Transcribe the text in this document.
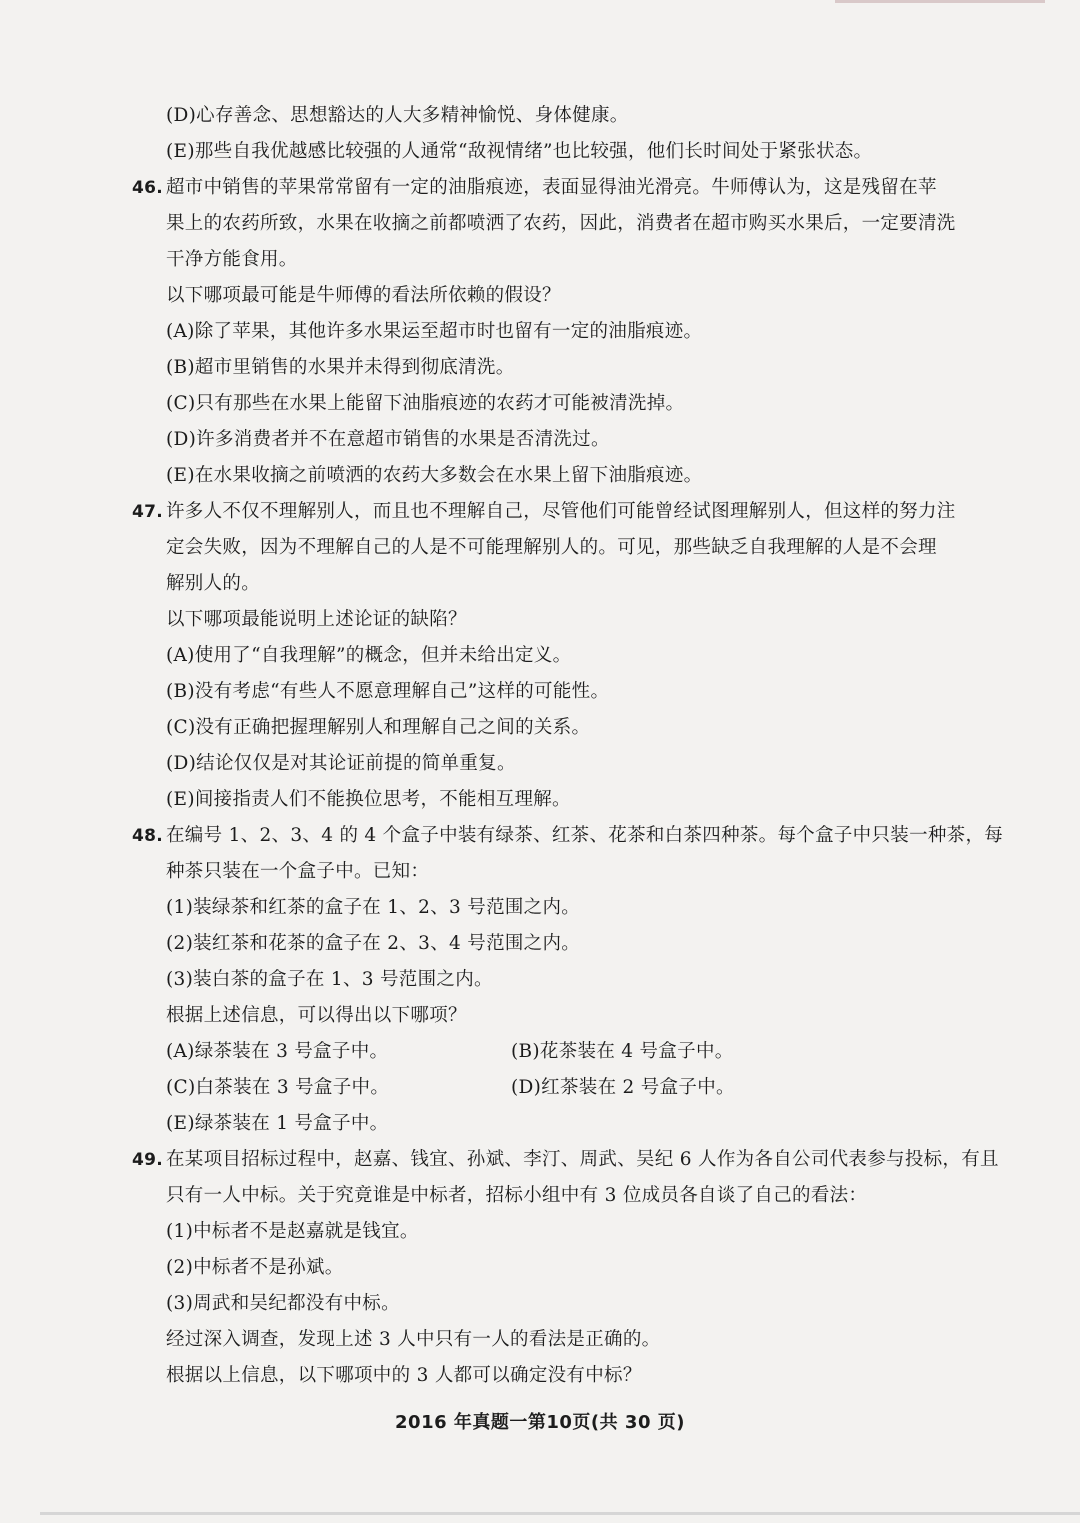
(D)心存善念、思想豁达的人大多精神愉悦、身体健康。
(E)那些自我优越感比较强的人通常“敌视情绪”也比较强，他们长时间处于紧张状态。
46. 超市中销售的苹果常常留有一定的油脂痕迹，表面显得油光滑亮。牛师傅认为，这是残留在苹
果上的农药所致，水果在收摘之前都喷洒了农药，因此，消费者在超市购买水果后，一定要清洗
干净方能食用。
以下哪项最可能是牛师傅的看法所依赖的假设？
(A)除了苹果，其他许多水果运至超市时也留有一定的油脂痕迹。
(B)超市里销售的水果并未得到彻底清洗。
(C)只有那些在水果上能留下油脂痕迹的农药才可能被清洗掉。
(D)许多消费者并不在意超市销售的水果是否清洗过。
(E)在水果收摘之前喷洒的农药大多数会在水果上留下油脂痕迹。
47. 许多人不仅不理解别人，而且也不理解自己，尽管他们可能曾经试图理解别人，但这样的努力注
定会失败，因为不理解自己的人是不可能理解别人的。可见，那些缺乏自我理解的人是不会理
解别人的。
以下哪项最能说明上述论证的缺陷？
(A)使用了“自我理解”的概念，但并未给出定义。
(B)没有考虑“有些人不愿意理解自己”这样的可能性。
(C)没有正确把握理解别人和理解自己之间的关系。
(D)结论仅仅是对其论证前提的简单重复。
(E)间接指责人们不能换位思考，不能相互理解。
48. 在编号 1、2、3、4 的 4 个盒子中装有绿茶、红茶、花茶和白茶四种茶。每个盒子中只装一种茶，每
种茶只装在一个盒子中。已知：
(1)装绿茶和红茶的盒子在 1、2、3 号范围之内。
(2)装红茶和花茶的盒子在 2、3、4 号范围之内。
(3)装白茶的盒子在 1、3 号范围之内。
根据上述信息，可以得出以下哪项？
(A)绿茶装在 3 号盒子中。	(B)花茶装在 4 号盒子中。
(C)白茶装在 3 号盒子中。	(D)红茶装在 2 号盒子中。
(E)绿茶装在 1 号盒子中。
49. 在某项目招标过程中，赵嘉、钱宜、孙斌、李汀、周武、吴纪 6 人作为各自公司代表参与投标，有且
只有一人中标。关于究竟谁是中标者，招标小组中有 3 位成员各自谈了自己的看法：
(1)中标者不是赵嘉就是钱宜。
(2)中标者不是孙斌。
(3)周武和吴纪都没有中标。
经过深入调查，发现上述 3 人中只有一人的看法是正确的。
根据以上信息，以下哪项中的 3 人都可以确定没有中标？
2016 年真题一第10页(共 30 页)
